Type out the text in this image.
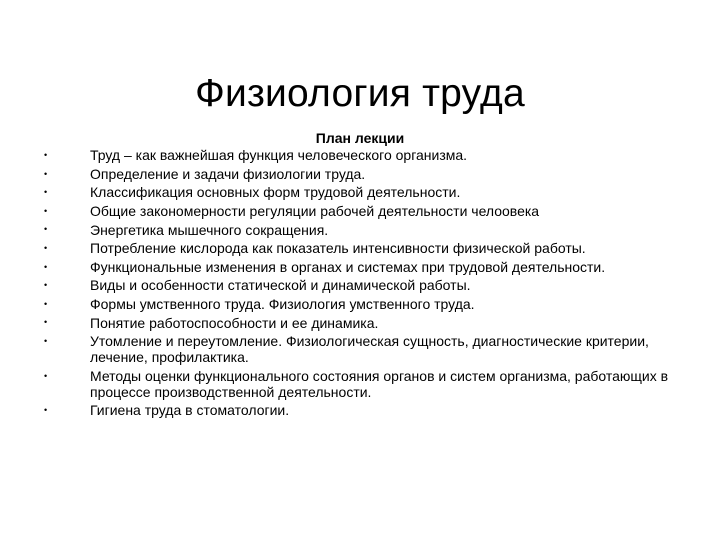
Физиология труда
План лекции
•	Труд – как важнейшая функция человеческого организма.
•	Определение и задачи физиологии труда.
•	Классификация основных форм трудовой деятельности.
•	Общие закономерности регуляции рабочей деятельности челоовека
•	Энергетика мышечного сокращения.
•	Потребление кислорода как показатель интенсивности физической работы.
•	Функциональные изменения в органах и системах при трудовой деятельности.
•	Виды и особенности статической и динамической работы.
•	Формы умственного труда. Физиология умственного труда.
•	Понятие работоспособности и ее динамика.
•	Утомление и переутомление. Физиологическая сущность, диагностические критерии, лечение, профилактика.
•	Методы оценки функционального состояния органов и систем организма, работающих в процессе производственной деятельности.
•	Гигиена труда в стоматологии.
